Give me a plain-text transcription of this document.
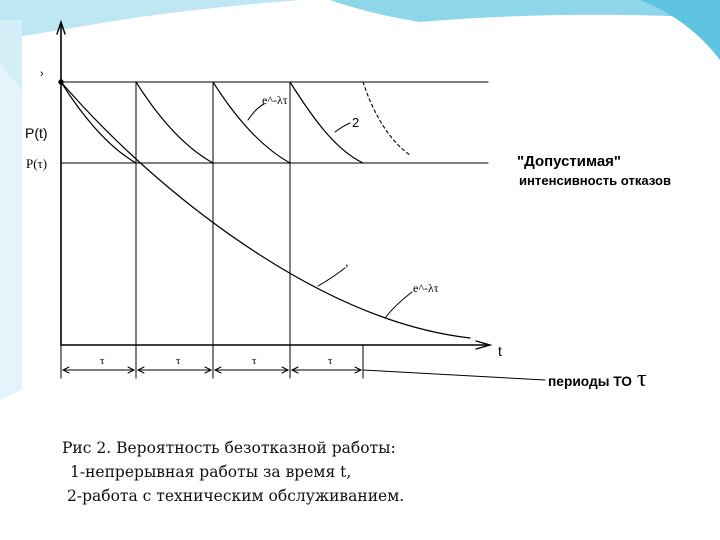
P(t)
P(τ)
›
t
e^-λτ
2
,
e^-λτ
"Допустимая"
интенсивность отказов
τ	τ	τ	τ
периоды ТО τ
Рис 2. Вероятность безотказной работы:
1-непрерывная работы за время t,
2-работа с техническим обслуживанием.
